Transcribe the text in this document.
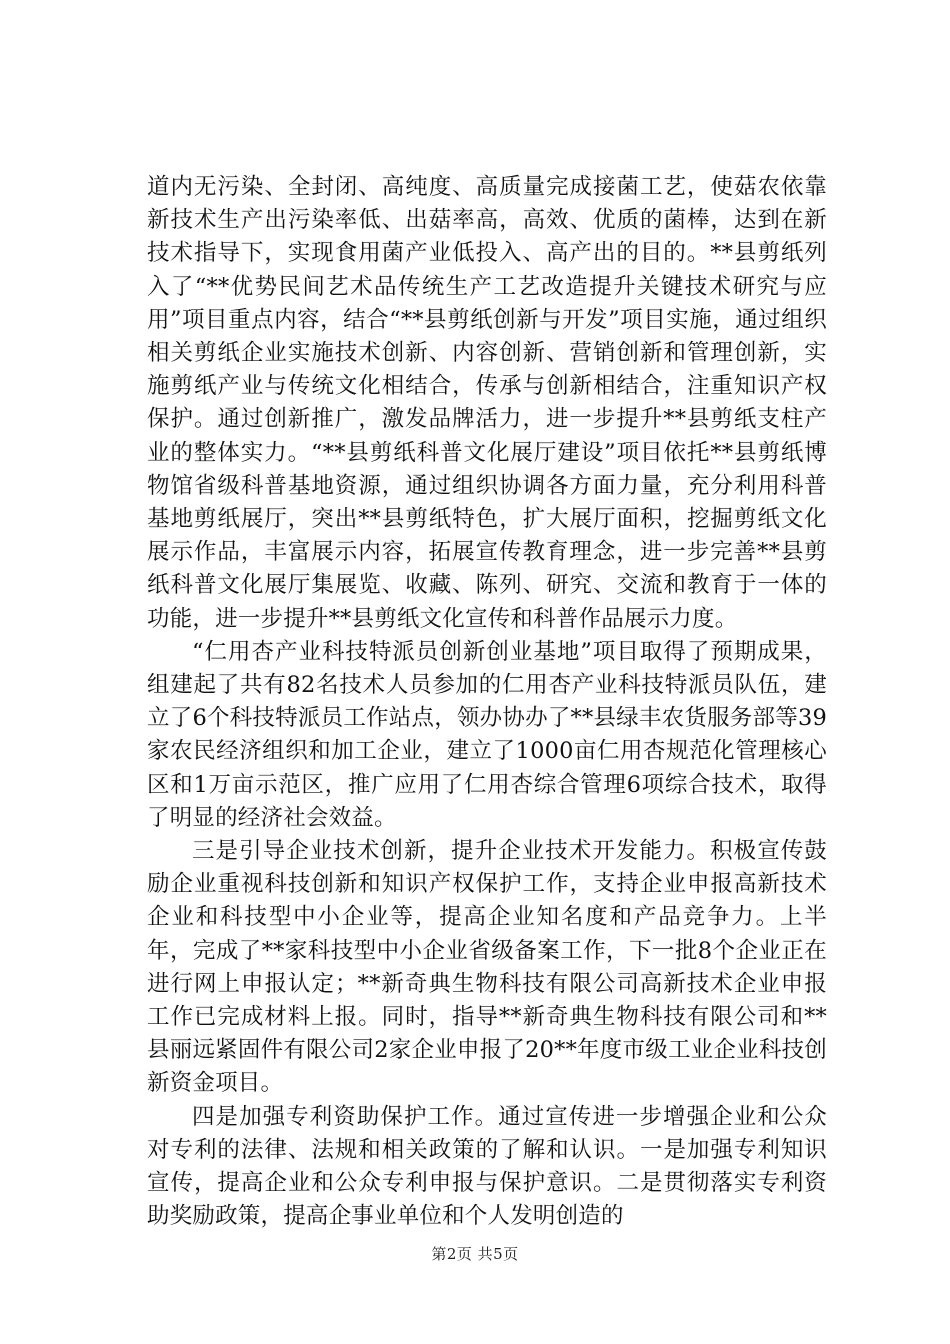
道内无污染、全封闭、高纯度、高质量完成接菌工艺，使菇农依靠新技术生产出污染率低、出菇率高，高效、优质的菌棒，达到在新技术指导下，实现食用菌产业低投入、高产出的目的。**县剪纸列入了“**优势民间艺术品传统生产工艺改造提升关键技术研究与应用”项目重点内容，结合“**县剪纸创新与开发”项目实施，通过组织相关剪纸企业实施技术创新、内容创新、营销创新和管理创新，实施剪纸产业与传统文化相结合，传承与创新相结合，注重知识产权保护。通过创新推广，激发品牌活力，进一步提升**县剪纸支柱产业的整体实力。“**县剪纸科普文化展厅建设”项目依托**县剪纸博物馆省级科普基地资源，通过组织协调各方面力量，充分利用科普基地剪纸展厅，突出**县剪纸特色，扩大展厅面积，挖掘剪纸文化展示作品，丰富展示内容，拓展宣传教育理念，进一步完善**县剪纸科普文化展厅集展览、收藏、陈列、研究、交流和教育于一体的功能，进一步提升**县剪纸文化宣传和科普作品展示力度。

“仁用杏产业科技特派员创新创业基地”项目取得了预期成果，组建起了共有82名技术人员参加的仁用杏产业科技特派员队伍，建立了6个科技特派员工作站点，领办协办了**县绿丰农货服务部等39家农民经济组织和加工企业，建立了1000亩仁用杏规范化管理核心区和1万亩示范区，推广应用了仁用杏综合管理6项综合技术，取得了明显的经济社会效益。

三是引导企业技术创新，提升企业技术开发能力。积极宣传鼓励企业重视科技创新和知识产权保护工作，支持企业申报高新技术企业和科技型中小企业等，提高企业知名度和产品竞争力。上半年，完成了**家科技型中小企业省级备案工作，下一批8个企业正在进行网上申报认定；**新奇典生物科技有限公司高新技术企业申报工作已完成材料上报。同时，指导**新奇典生物科技有限公司和**县丽远紧固件有限公司2家企业申报了20**年度市级工业企业科技创新资金项目。

四是加强专利资助保护工作。通过宣传进一步增强企业和公众对专利的法律、法规和相关政策的了解和认识。一是加强专利知识宣传，提高企业和公众专利申报与保护意识。二是贯彻落实专利资助奖励政策，提高企事业单位和个人发明创造的

第2页 共5页
